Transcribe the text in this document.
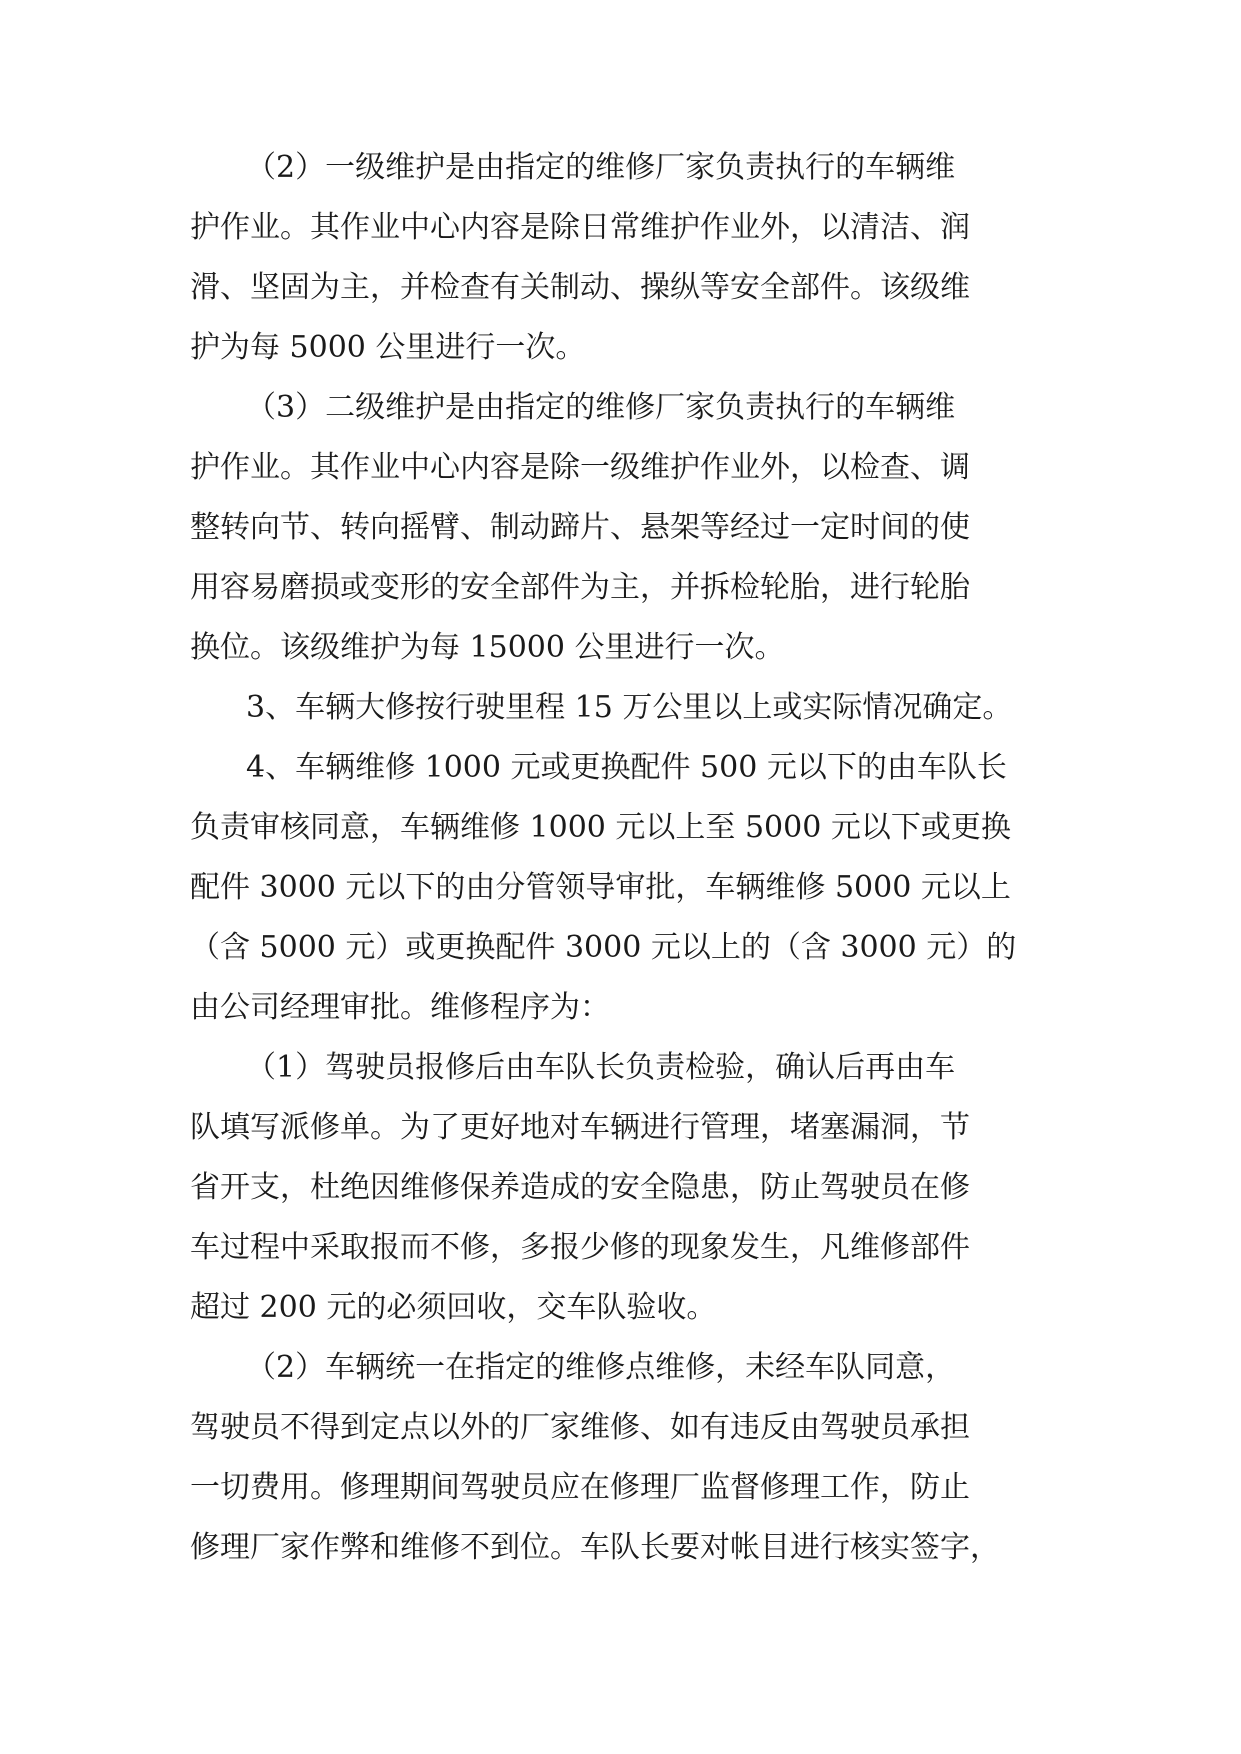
（2）一级维护是由指定的维修厂家负责执行的车辆维
护作业。其作业中心内容是除日常维护作业外，以清洁、润
滑、坚固为主，并检查有关制动、操纵等安全部件。该级维
护为每 5000 公里进行一次。
（3）二级维护是由指定的维修厂家负责执行的车辆维
护作业。其作业中心内容是除一级维护作业外，以检查、调
整转向节、转向摇臂、制动蹄片、悬架等经过一定时间的使
用容易磨损或变形的安全部件为主，并拆检轮胎，进行轮胎
换位。该级维护为每 15000 公里进行一次。
3、车辆大修按行驶里程 15 万公里以上或实际情况确定。
4、车辆维修 1000 元或更换配件 500 元以下的由车队长
负责审核同意，车辆维修 1000 元以上至 5000 元以下或更换
配件 3000 元以下的由分管领导审批，车辆维修 5000 元以上
（含 5000 元）或更换配件 3000 元以上的（含 3000 元）的
由公司经理审批。维修程序为：
（1）驾驶员报修后由车队长负责检验，确认后再由车
队填写派修单。为了更好地对车辆进行管理，堵塞漏洞，节
省开支，杜绝因维修保养造成的安全隐患，防止驾驶员在修
车过程中采取报而不修，多报少修的现象发生，凡维修部件
超过 200 元的必须回收，交车队验收。
（2）车辆统一在指定的维修点维修，未经车队同意，
驾驶员不得到定点以外的厂家维修、如有违反由驾驶员承担
一切费用。修理期间驾驶员应在修理厂监督修理工作，防止
修理厂家作弊和维修不到位。车队长要对帐目进行核实签字，
